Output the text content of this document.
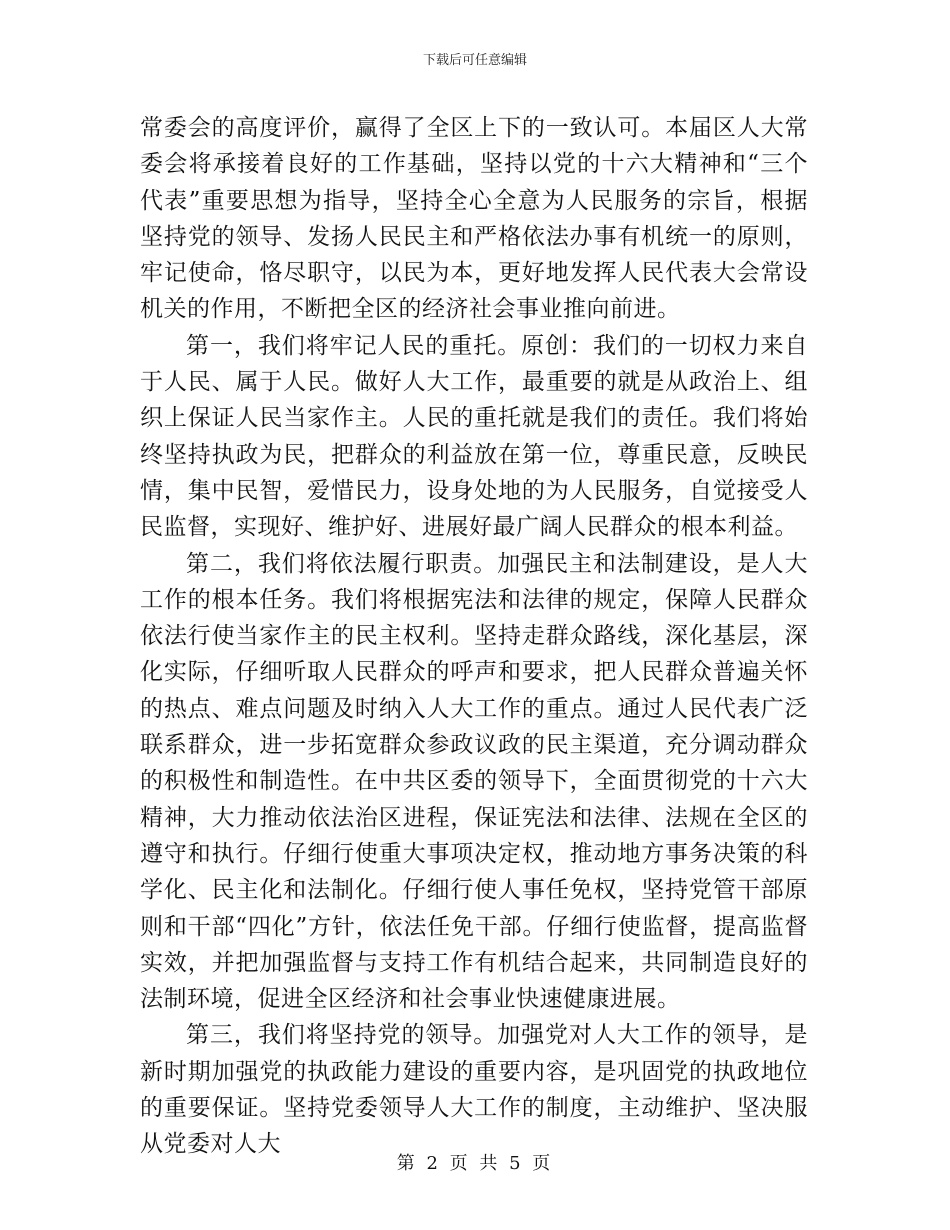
下载后可任意编辑

常委会的高度评价，赢得了全区上下的一致认可。本届区人大常委会将承接着良好的工作基础，坚持以党的十六大精神和“三个代表”重要思想为指导，坚持全心全意为人民服务的宗旨，根据坚持党的领导、发扬人民民主和严格依法办事有机统一的原则，牢记使命，恪尽职守，以民为本，更好地发挥人民代表大会常设机关的作用，不断把全区的经济社会事业推向前进。

第一，我们将牢记人民的重托。原创：我们的一切权力来自于人民、属于人民。做好人大工作，最重要的就是从政治上、组织上保证人民当家作主。人民的重托就是我们的责任。我们将始终坚持执政为民，把群众的利益放在第一位，尊重民意，反映民情，集中民智，爱惜民力，设身处地的为人民服务，自觉接受人民监督，实现好、维护好、进展好最广阔人民群众的根本利益。

第二，我们将依法履行职责。加强民主和法制建设，是人大工作的根本任务。我们将根据宪法和法律的规定，保障人民群众依法行使当家作主的民主权利。坚持走群众路线，深化基层，深化实际，仔细听取人民群众的呼声和要求，把人民群众普遍关怀的热点、难点问题及时纳入人大工作的重点。通过人民代表广泛联系群众，进一步拓宽群众参政议政的民主渠道，充分调动群众的积极性和制造性。在中共区委的领导下，全面贯彻党的十六大精神，大力推动依法治区进程，保证宪法和法律、法规在全区的遵守和执行。仔细行使重大事项决定权，推动地方事务决策的科学化、民主化和法制化。仔细行使人事任免权，坚持党管干部原则和干部“四化”方针，依法任免干部。仔细行使监督，提高监督实效，并把加强监督与支持工作有机结合起来，共同制造良好的法制环境，促进全区经济和社会事业快速健康进展。

第三，我们将坚持党的领导。加强党对人大工作的领导，是新时期加强党的执政能力建设的重要内容，是巩固党的执政地位的重要保证。坚持党委领导人大工作的制度，主动维护、坚决服从党委对人大

第 2 页 共 5 页
